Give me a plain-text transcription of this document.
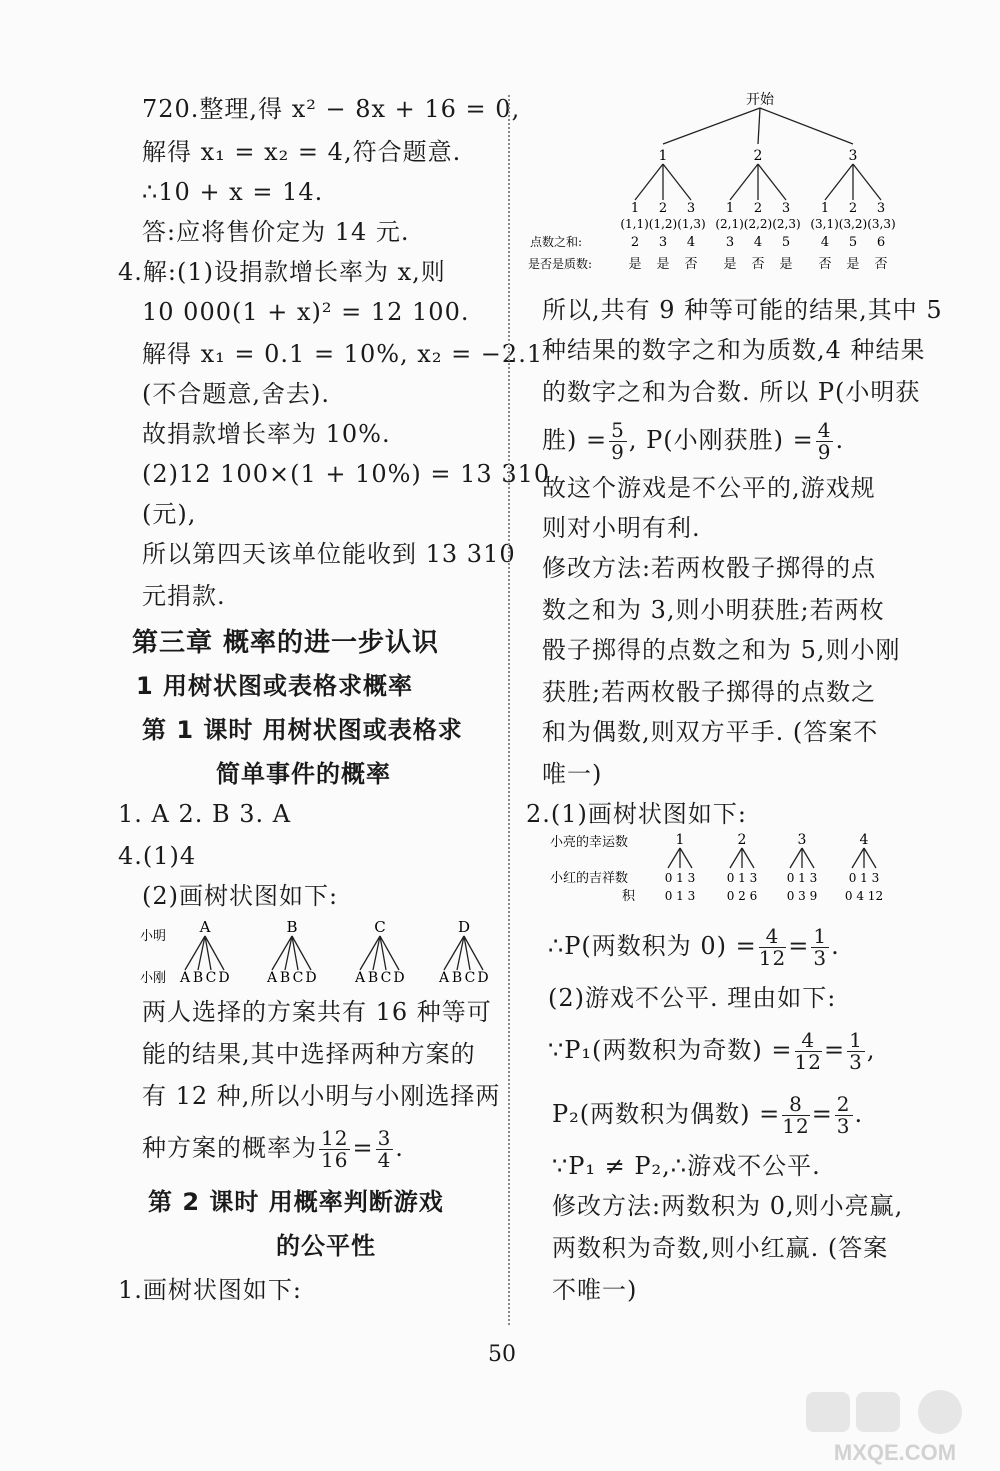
720.整理,得 x² − 8x + 16 = 0,
解得 x₁ = x₂ = 4,符合题意.
∴10 + x = 14.
答:应将售价定为 14 元.
4.解:(1)设捐款增长率为 x,则
10 000(1 + x)² = 12 100.
解得 x₁ = 0.1 = 10%, x₂ = −2.1
(不合题意,舍去).
故捐款增长率为 10%.
(2)12 100×(1 + 10%) = 13 310
(元),
所以第四天该单位能收到 13 310
元捐款.
第三章 概率的进一步认识
1 用树状图或表格求概率
第 1 课时 用树状图或表格求
简单事件的概率
1. A 2. B 3. A
4.(1)4
(2)画树状图如下:
小明
小刚
A
A B C D
B
A B C D
C
A B C D
D
A B C D
两人选择的方案共有 16 种等可
能的结果,其中选择两种方案的
有 12 种,所以小明与小刚选择两
种方案的概率为 $\frac{12}{16} = \frac{3}{4}$ .
第 2 课时 用概率判断游戏
的公平性
1.画树状图如下:
开始
点数之和:
是否是质数:
1	2	3
1
2
是
2
3
是
3
4
否
1
3
是
2
4
否
3
5
是
1
4
否
2
5
是
3
6
否
(1,1)(1,2)(1,3) (2,1)(2,2)(2,3) (3,1)(3,2)(3,3)
所以,共有 9 种等可能的结果,其中 5
种结果的数字之和为质数,4 种结果
的数字之和为合数. 所以 P(小明获
胜) = $\frac{5}{9}$ , P(小刚获胜) = $\frac{4}{9}$ .
故这个游戏是不公平的,游戏规
则对小明有利.
修改方法:若两枚骰子掷得的点
数之和为 3,则小明获胜;若两枚
骰子掷得的点数之和为 5,则小刚
获胜;若两枚骰子掷得的点数之
和为偶数,则双方平手. (答案不
唯一)
2.(1)画树状图如下:
小亮的幸运数
小红的吉祥数
积
1
0 1 3
0 1 3
2
0 1 3
0 2 6
3
0 1 3
0 3 9
4
0 1 3
0 4 12
∴P(两数积为 $0) = \frac{4}{12} = \frac{1}{3}$ .
(2)游戏不公平. 理由如下:
∵P₁(两数积为奇数) = $\frac{4}{12} = \frac{1}{3}$ ,
P₂(两数积为偶数) = $\frac{8}{12} = \frac{2}{3}$ .
∵P₁ ≠ P₂,∴游戏不公平.
修改方法:两数积为 0,则小亮赢,
两数积为奇数,则小红赢. (答案
不唯一)
50
MXQE.COM
